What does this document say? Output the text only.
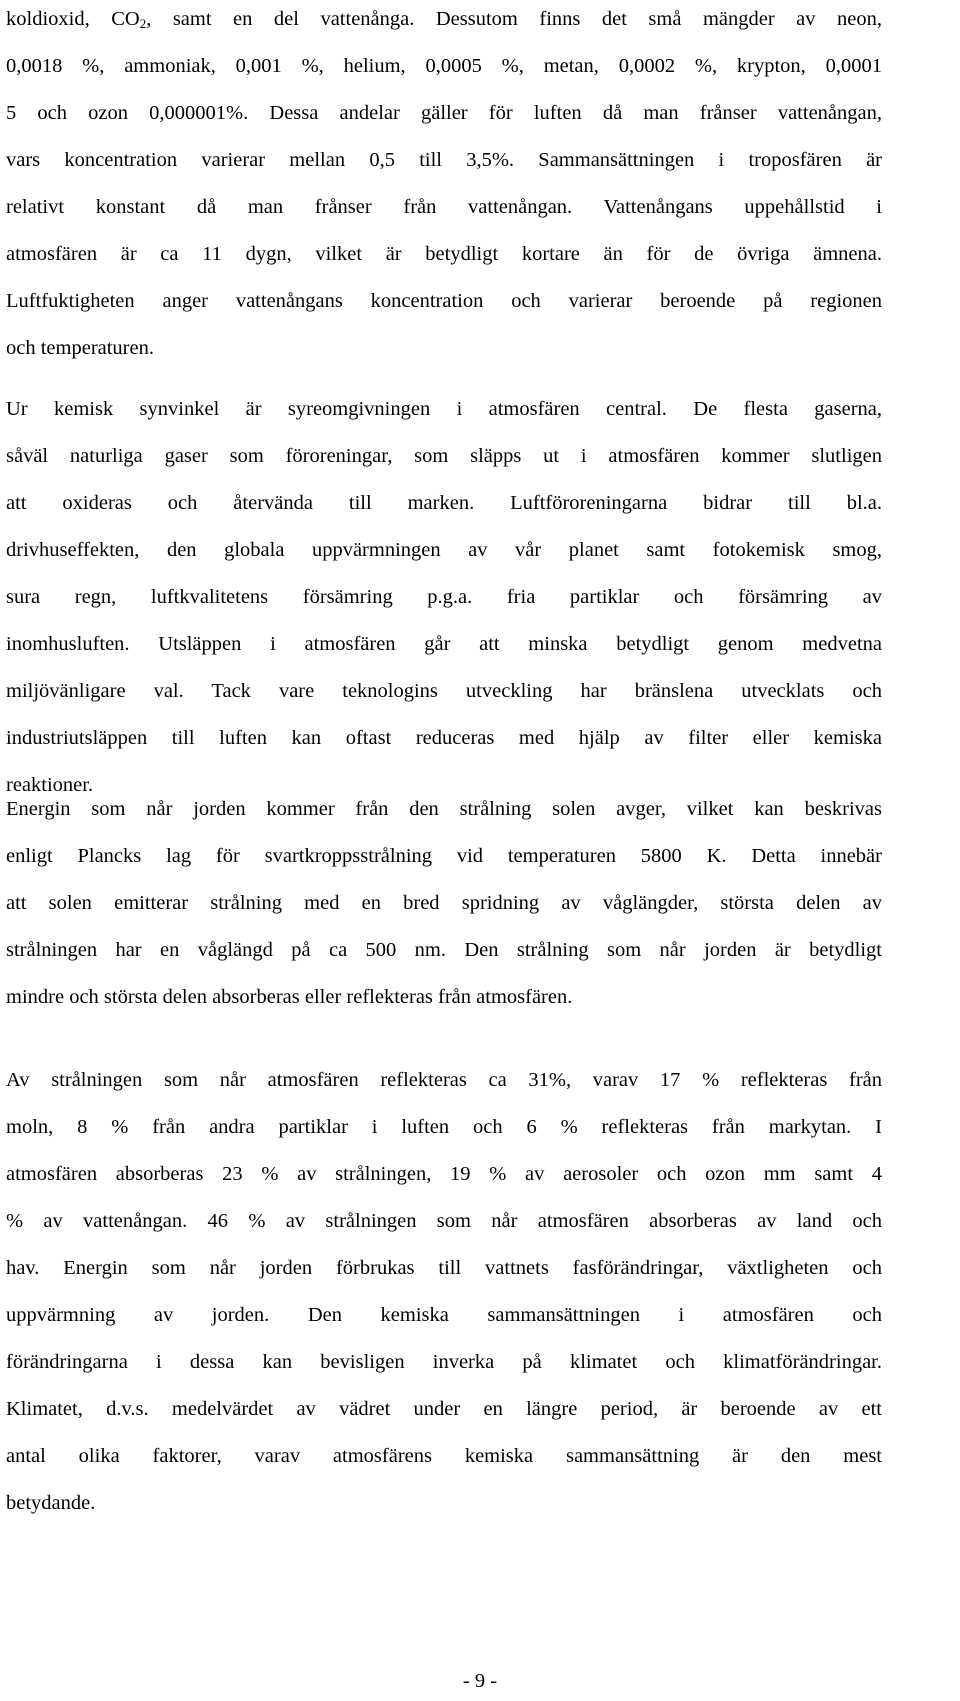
koldioxid, $CO_2$, samt en del vattenånga. Dessutom finns det små mängder av neon,
0,0018 %, ammoniak, 0,001 %, helium, 0,0005 %, metan, 0,0002 %, krypton, 0,0001
5 och ozon 0,000001%. Dessa andelar gäller för luften då man frånser vattenångan,
vars koncentration varierar mellan 0,5 till 3,5%. Sammansättningen i troposfären är
relativt konstant då man frånser från vattenångan. Vattenångans uppehållstid i
atmosfären är ca 11 dygn, vilket är betydligt kortare än för de övriga ämnena.
Luftfuktigheten anger vattenångans koncentration och varierar beroende på regionen
och temperaturen.
Ur kemisk synvinkel är syreomgivningen i atmosfären central. De flesta gaserna,
såväl naturliga gaser som föroreningar, som släpps ut i atmosfären kommer slutligen
att oxideras och återvända till marken. Luftföroreningarna bidrar till bl.a.
drivhuseffekten, den globala uppvärmningen av vår planet samt fotokemisk smog,
sura regn, luftkvalitetens försämring p.g.a. fria partiklar och försämring av
inomhusluften. Utsläppen i atmosfären går att minska betydligt genom medvetna
miljövänligare val. Tack vare teknologins utveckling har bränslena utvecklats och
industriutsläppen till luften kan oftast reduceras med hjälp av filter eller kemiska
reaktioner.
Energin som når jorden kommer från den strålning solen avger, vilket kan beskrivas
enligt Plancks lag för svartkroppsstrålning vid temperaturen 5800 K. Detta innebär
att solen emitterar strålning med en bred spridning av våglängder, största delen av
strålningen har en våglängd på ca 500 nm. Den strålning som når jorden är betydligt
mindre och största delen absorberas eller reflekteras från atmosfären.
Av strålningen som når atmosfären reflekteras ca 31%, varav 17 % reflekteras från
moln, 8 % från andra partiklar i luften och 6 % reflekteras från markytan. I
atmosfären absorberas 23 % av strålningen, 19 % av aerosoler och ozon mm samt 4
% av vattenångan. 46 % av strålningen som når atmosfären absorberas av land och
hav. Energin som når jorden förbrukas till vattnets fasförändringar, växtligheten och
uppvärmning av jorden. Den kemiska sammansättningen i atmosfären och
förändringarna i dessa kan bevisligen inverka på klimatet och klimatförändringar.
Klimatet, d.v.s. medelvärdet av vädret under en längre period, är beroende av ett
antal olika faktorer, varav atmosfärens kemiska sammansättning är den mest
betydande.
- 9 -
